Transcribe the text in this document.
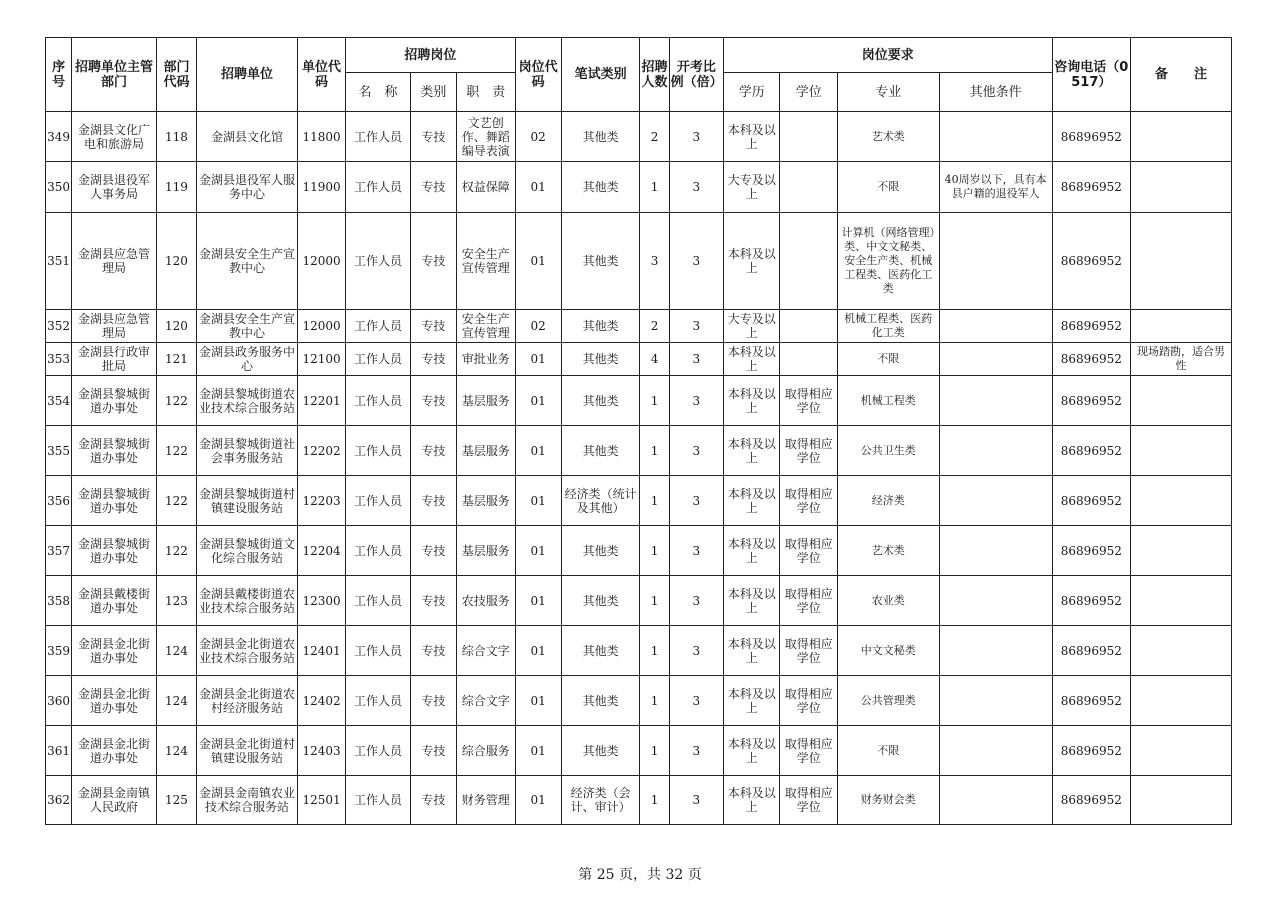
序号	招聘单位主管部门	部门代码	招聘单位	单位代码	招聘岗位			岗位代码	笔试类别	招聘人数	开考比例（倍）	岗位要求				咨询电话（0517）	备　　注
					名　称	类别	职　责					学历	学位	专业	其他条件		
349	金湖县文化广电和旅游局	118	金湖县文化馆	11800	工作人员	专技	文艺创作、舞蹈编导表演	02	其他类	2	3	本科及以上		艺术类		86896952	
350	金湖县退役军人事务局	119	金湖县退役军人服务中心	11900	工作人员	专技	权益保障	01	其他类	1	3	大专及以上		不限	40周岁以下，具有本县户籍的退役军人	86896952	
351	金湖县应急管理局	120	金湖县安全生产宣教中心	12000	工作人员	专技	安全生产宣传管理	01	其他类	3	3	本科及以上		计算机（网络管理）类、中文文秘类、安全生产类、机械工程类、医药化工类		86896952	
352	金湖县应急管理局	120	金湖县安全生产宣教中心	12000	工作人员	专技	安全生产宣传管理	02	其他类	2	3	大专及以上		机械工程类、医药化工类		86896952	
353	金湖县行政审批局	121	金湖县政务服务中心	12100	工作人员	专技	审批业务	01	其他类	4	3	本科及以上		不限		86896952	现场踏勘，适合男性
354	金湖县黎城街道办事处	122	金湖县黎城街道农业技术综合服务站	12201	工作人员	专技	基层服务	01	其他类	1	3	本科及以上	取得相应学位	机械工程类		86896952	
355	金湖县黎城街道办事处	122	金湖县黎城街道社会事务服务站	12202	工作人员	专技	基层服务	01	其他类	1	3	本科及以上	取得相应学位	公共卫生类		86896952	
356	金湖县黎城街道办事处	122	金湖县黎城街道村镇建设服务站	12203	工作人员	专技	基层服务	01	经济类（统计及其他）	1	3	本科及以上	取得相应学位	经济类		86896952	
357	金湖县黎城街道办事处	122	金湖县黎城街道文化综合服务站	12204	工作人员	专技	基层服务	01	其他类	1	3	本科及以上	取得相应学位	艺术类		86896952	
358	金湖县戴楼街道办事处	123	金湖县戴楼街道农业技术综合服务站	12300	工作人员	专技	农技服务	01	其他类	1	3	本科及以上	取得相应学位	农业类		86896952	
359	金湖县金北街道办事处	124	金湖县金北街道农业技术综合服务站	12401	工作人员	专技	综合文字	01	其他类	1	3	本科及以上	取得相应学位	中文文秘类		86896952	
360	金湖县金北街道办事处	124	金湖县金北街道农村经济服务站	12402	工作人员	专技	综合文字	01	其他类	1	3	本科及以上	取得相应学位	公共管理类		86896952	
361	金湖县金北街道办事处	124	金湖县金北街道村镇建设服务站	12403	工作人员	专技	综合服务	01	其他类	1	3	本科及以上	取得相应学位	不限		86896952	
362	金湖县金南镇人民政府	125	金湖县金南镇农业技术综合服务站	12501	工作人员	专技	财务管理	01	经济类（会计、审计）	1	3	本科及以上	取得相应学位	财务财会类		86896952	
第 25 页，共 32 页
